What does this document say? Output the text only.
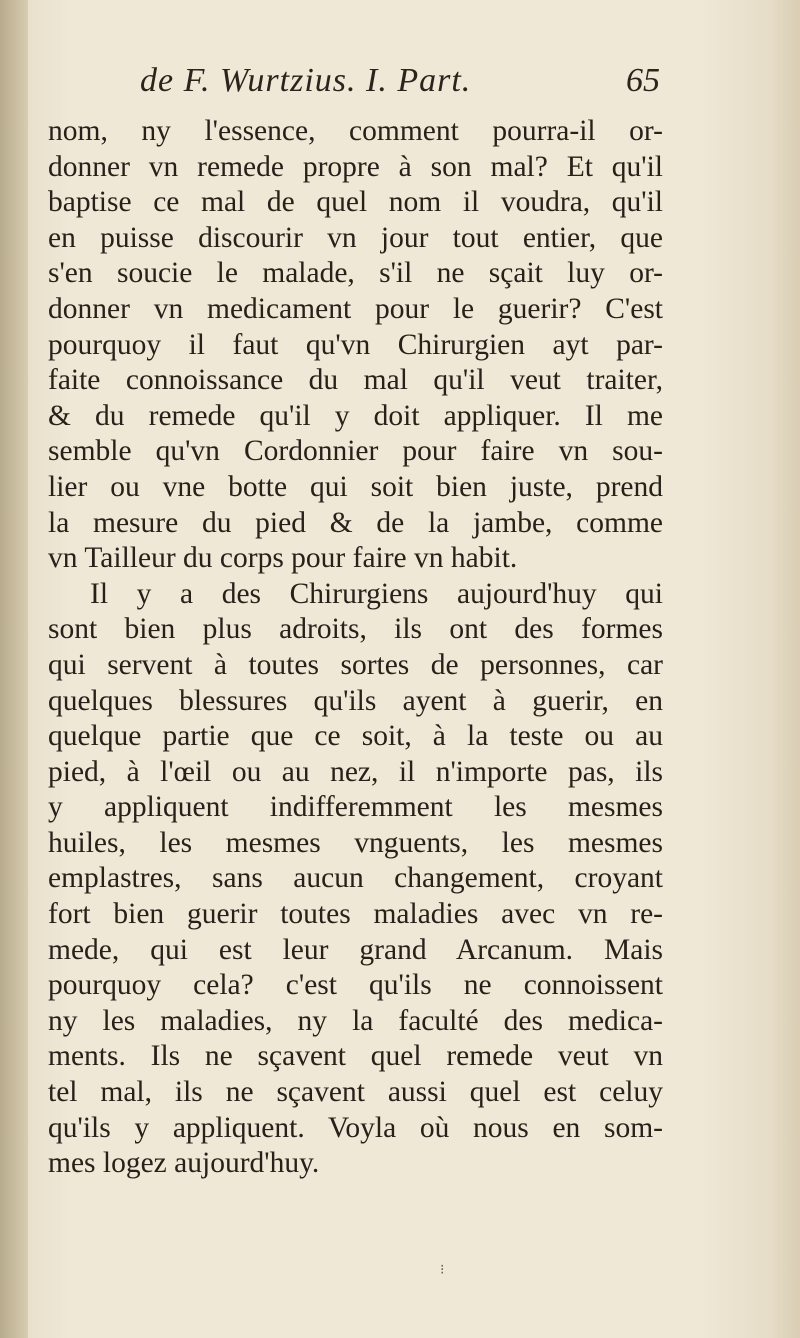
de F. Wurtzius. I. Part.	65
nom, ny l'essence, comment pourra-il or-
donner vn remede propre à son mal? Et qu'il
baptise ce mal de quel nom il voudra, qu'il
en puisse discourir vn jour tout entier, que
s'en soucie le malade, s'il ne sçait luy or-
donner vn medicament pour le guerir? C'est
pourquoy il faut qu'vn Chirurgien ayt par-
faite connoissance du mal qu'il veut traiter,
& du remede qu'il y doit appliquer. Il me
semble qu'vn Cordonnier pour faire vn sou-
lier ou vne botte qui soit bien juste, prend
la mesure du pied & de la jambe, comme
vn Tailleur du corps pour faire vn habit.
Il y a des Chirurgiens aujourd'huy qui
sont bien plus adroits, ils ont des formes
qui servent à toutes sortes de personnes, car
quelques blessures qu'ils ayent à guerir, en
quelque partie que ce soit, à la teste ou au
pied, à l'œil ou au nez, il n'importe pas, ils
y appliquent indifferemment les mesmes
huiles, les mesmes vnguents, les mesmes
emplastres, sans aucun changement, croyant
fort bien guerir toutes maladies avec vn re-
mede, qui est leur grand Arcanum. Mais
pourquoy cela? c'est qu'ils ne connoissent
ny les maladies, ny la faculté des medica-
ments. Ils ne sçavent quel remede veut vn
tel mal, ils ne sçavent aussi quel est celuy
qu'ils y appliquent. Voyla où nous en som-
mes logez aujourd'huy.
⁝
